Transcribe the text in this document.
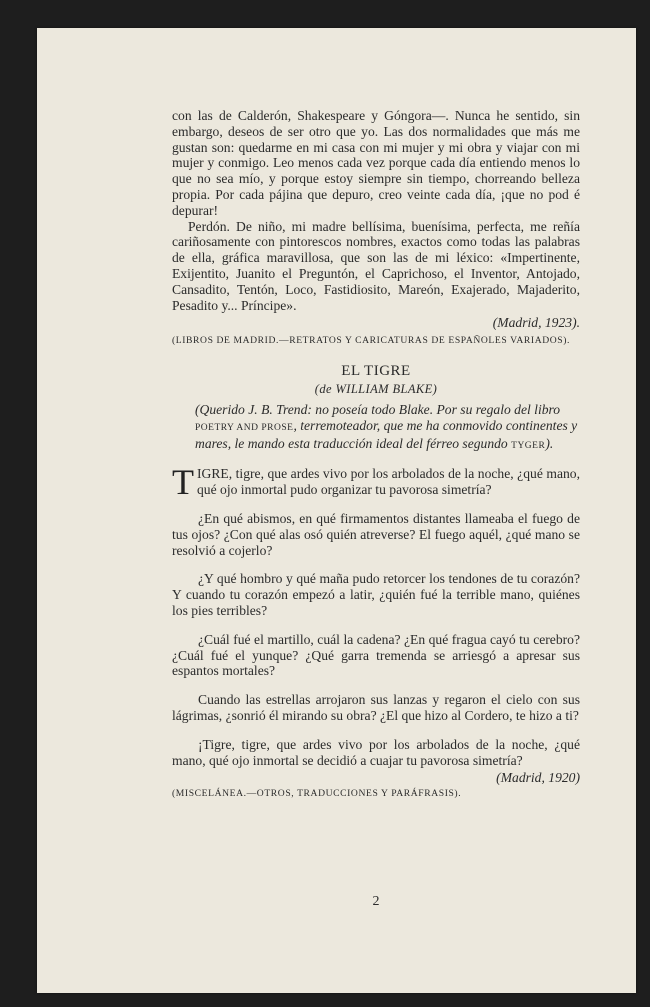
con las de Calderón, Shakespeare y Góngora—. Nunca he sentido, sin embargo, deseos de ser otro que yo. Las dos normalidades que más me gustan son: quedarme en mi casa con mi mujer y mi obra y viajar con mi mujer y conmigo. Leo menos cada vez porque cada día entiendo menos lo que no sea mío, y porque estoy siempre sin tiempo, chorreando belleza propia. Por cada pájina que depuro, creo veinte cada día, ¡que no pod é depurar!

Perdón. De niño, mi madre bellísima, buenísima, perfecta, me reñía cariñosamente con pintorescos nombres, exactos como todas las palabras de ella, gráfica maravillosa, que son las de mi léxico: «Impertinente, Exijentito, Juanito el Preguntón, el Caprichoso, el Inventor, Antojado, Cansadito, Tentón, Loco, Fastidiosito, Mareón, Exajerado, Majaderito, Pesadito y... Príncipe».

(Madrid, 1923).

(LIBROS DE MADRID.—RETRATOS Y CARICATURAS DE ESPAÑOLES VARIADOS).

EL TIGRE

(de WILLIAM BLAKE)

(Querido J. B. Trend: no poseía todo Blake. Por su regalo del libro POETRY AND PROSE, terremoteador, que me ha conmovido continentes y mares, le mando esta traducción ideal del férreo segundo TYGER).

TIGRE, tigre, que ardes vivo por los arbolados de la noche, ¿qué mano, qué ojo inmortal pudo organizar tu pavorosa simetría?

¿En qué abismos, en qué firmamentos distantes llameaba el fuego de tus ojos? ¿Con qué alas osó quién atreverse? El fuego aquél, ¿qué mano se resolvió a cojerlo?

¿Y qué hombro y qué maña pudo retorcer los tendones de tu corazón? Y cuando tu corazón empezó a latir, ¿quién fué la terrible mano, quiénes los pies terribles?

¿Cuál fué el martillo, cuál la cadena? ¿En qué fragua cayó tu cerebro? ¿Cuál fué el yunque? ¿Qué garra tremenda se arriesgó a apresar sus espantos mortales?

Cuando las estrellas arrojaron sus lanzas y regaron el cielo con sus lágrimas, ¿sonrió él mirando su obra? ¿El que hizo al Cordero, te hizo a ti?

¡Tigre, tigre, que ardes vivo por los arbolados de la noche, ¿qué mano, qué ojo inmortal se decidió a cuajar tu pavorosa simetría?

(Madrid, 1920)

(MISCELÁNEA.—OTROS, TRADUCCIONES Y PARÁFRASIS).

2
